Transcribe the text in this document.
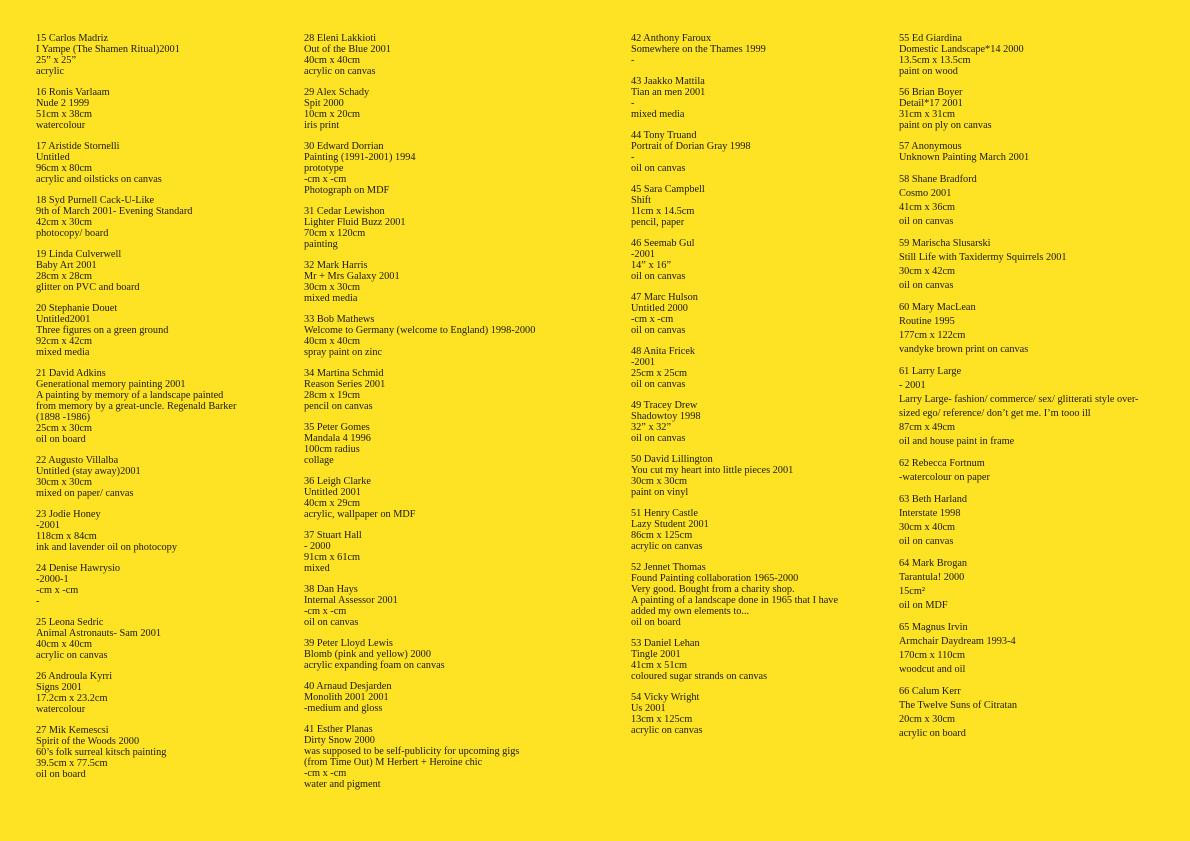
15 Carlos Madriz
I Yampe (The Shamen Ritual)2001
25” x 25”
acrylic
16 Ronis Varlaam
Nude 2 1999
51cm x 38cm
watercolour
17 Aristide Stornelli
Untitled
96cm x 80cm
acrylic and oilsticks on canvas
18 Syd Purnell Cack-U-Like
9th of March 2001- Evening Standard
42cm x 30cm
photocopy/ board
19 Linda Culverwell
Baby Art 2001
28cm x 28cm
glitter on PVC and board
20 Stephanie Douet
Untitled2001
Three figures on a green ground
92cm x 42cm
mixed media
21 David Adkins
Generational memory painting 2001
A painting by memory of a landscape painted
from memory by a great-uncle. Regenald Barker
(1898 -1986)
25cm x 30cm
oil on board
22 Augusto Villalba
Untitled (stay away)2001
30cm x 30cm
mixed on paper/ canvas
23 Jodie Honey
-2001
118cm x 84cm
ink and lavender oil on photocopy
24 Denise Hawrysio
-2000-1
-cm x -cm
-
25 Leona Sedric
Animal Astronauts- Sam 2001
40cm x 40cm
acrylic on canvas
26 Androula Kyrri
Signs 2001
17.2cm x 23.2cm
watercolour
27 Mik Kemescsi
Spirit of the Woods 2000
60’s folk surreal kitsch painting
39.5cm x 77.5cm
oil on board
28 Eleni Lakkioti
Out of the Blue 2001
40cm x 40cm
acrylic on canvas
29 Alex Schady
Spit 2000
10cm x 20cm
iris print
30 Edward Dorrian
Painting (1991-2001) 1994
prototype
-cm x -cm
Photograph on MDF
31 Cedar Lewishon
Lighter Fluid Buzz 2001
70cm x 120cm
painting
32 Mark Harris
Mr + Mrs Galaxy 2001
30cm x 30cm
mixed media
33 Bob Mathews
Welcome to Germany (welcome to England) 1998-2000
40cm x 40cm
spray paint on zinc
34 Martina Schmid
Reason Series 2001
28cm x 19cm
pencil on canvas
35 Peter Gomes
Mandala 4 1996
100cm radius
collage
36 Leigh Clarke
Untitled 2001
40cm x 29cm
acrylic, wallpaper on MDF
37 Stuart Hall
- 2000
91cm x 61cm
mixed
38 Dan Hays
Internal Assessor 2001
-cm x -cm
oil on canvas
39 Peter Lloyd Lewis
Blomb (pink and yellow) 2000
acrylic expanding foam on canvas
40 Arnaud Desjarden
Monolith 2001 2001
-medium and gloss
41 Esther Planas
Dirty Snow 2000
was supposed to be self-publicity for upcoming gigs
(from Time Out) M Herbert + Heroine chic
-cm x -cm
water and pigment
42 Anthony Faroux
Somewhere on the Thames 1999
-
43 Jaakko Mattila
Tian an men 2001
-
mixed media
44 Tony Truand
Portrait of Dorian Gray 1998
-
oil on canvas
45 Sara Campbell
Shift
11cm x 14.5cm
pencil, paper
46 Seemab Gul
-2001
14” x 16”
oil on canvas
47 Marc Hulson
Untitled 2000
-cm x -cm
oil on canvas
48 Anita Fricek
-2001
25cm x 25cm
oil on canvas
49 Tracey Drew
Shadowtoy 1998
32” x 32”
oil on canvas
50 David Lillington
You cut my heart into little pieces 2001
30cm x 30cm
paint on vinyl
51 Henry Castle
Lazy Student 2001
86cm x 125cm
acrylic on canvas
52 Jennet Thomas
Found Painting collaboration 1965-2000
Very good. Bought from a charity shop.
A painting of a landscape done in 1965 that I have
added my own elements to...
oil on board
53 Daniel Lehan
Tingle 2001
41cm x 51cm
coloured sugar strands on canvas
54 Vicky Wright
Us 2001
13cm x 125cm
acrylic on canvas
55 Ed Giardina
Domestic Landscape*14 2000
13.5cm x 13.5cm
paint on wood
56 Brian Boyer
Detail*17 2001
31cm x 31cm
paint on ply on canvas
57 Anonymous
Unknown Painting March 2001
58 Shane Bradford
Cosmo 2001
41cm x 36cm
oil on canvas
59 Marischa Slusarski
Still Life with Taxidermy Squirrels 2001
30cm x 42cm
oil on canvas
60 Mary MacLean
Routine 1995
177cm x 122cm
vandyke brown print on canvas
61 Larry Large
- 2001
Larry Large- fashion/ commerce/ sex/ glitterati style over-
sized ego/ reference/ don’t get me. I’m tooo ill
87cm x 49cm
oil and house paint in frame
62 Rebecca Fortnum
-watercolour on paper
63 Beth Harland
Interstate 1998
30cm x 40cm
oil on canvas
64 Mark Brogan
Tarantula! 2000
15cm²
oil on MDF
65 Magnus Irvin
Armchair Daydream 1993-4
170cm x 110cm
woodcut and oil
66 Calum Kerr
The Twelve Suns of Citratan
20cm x 30cm
acrylic on board
